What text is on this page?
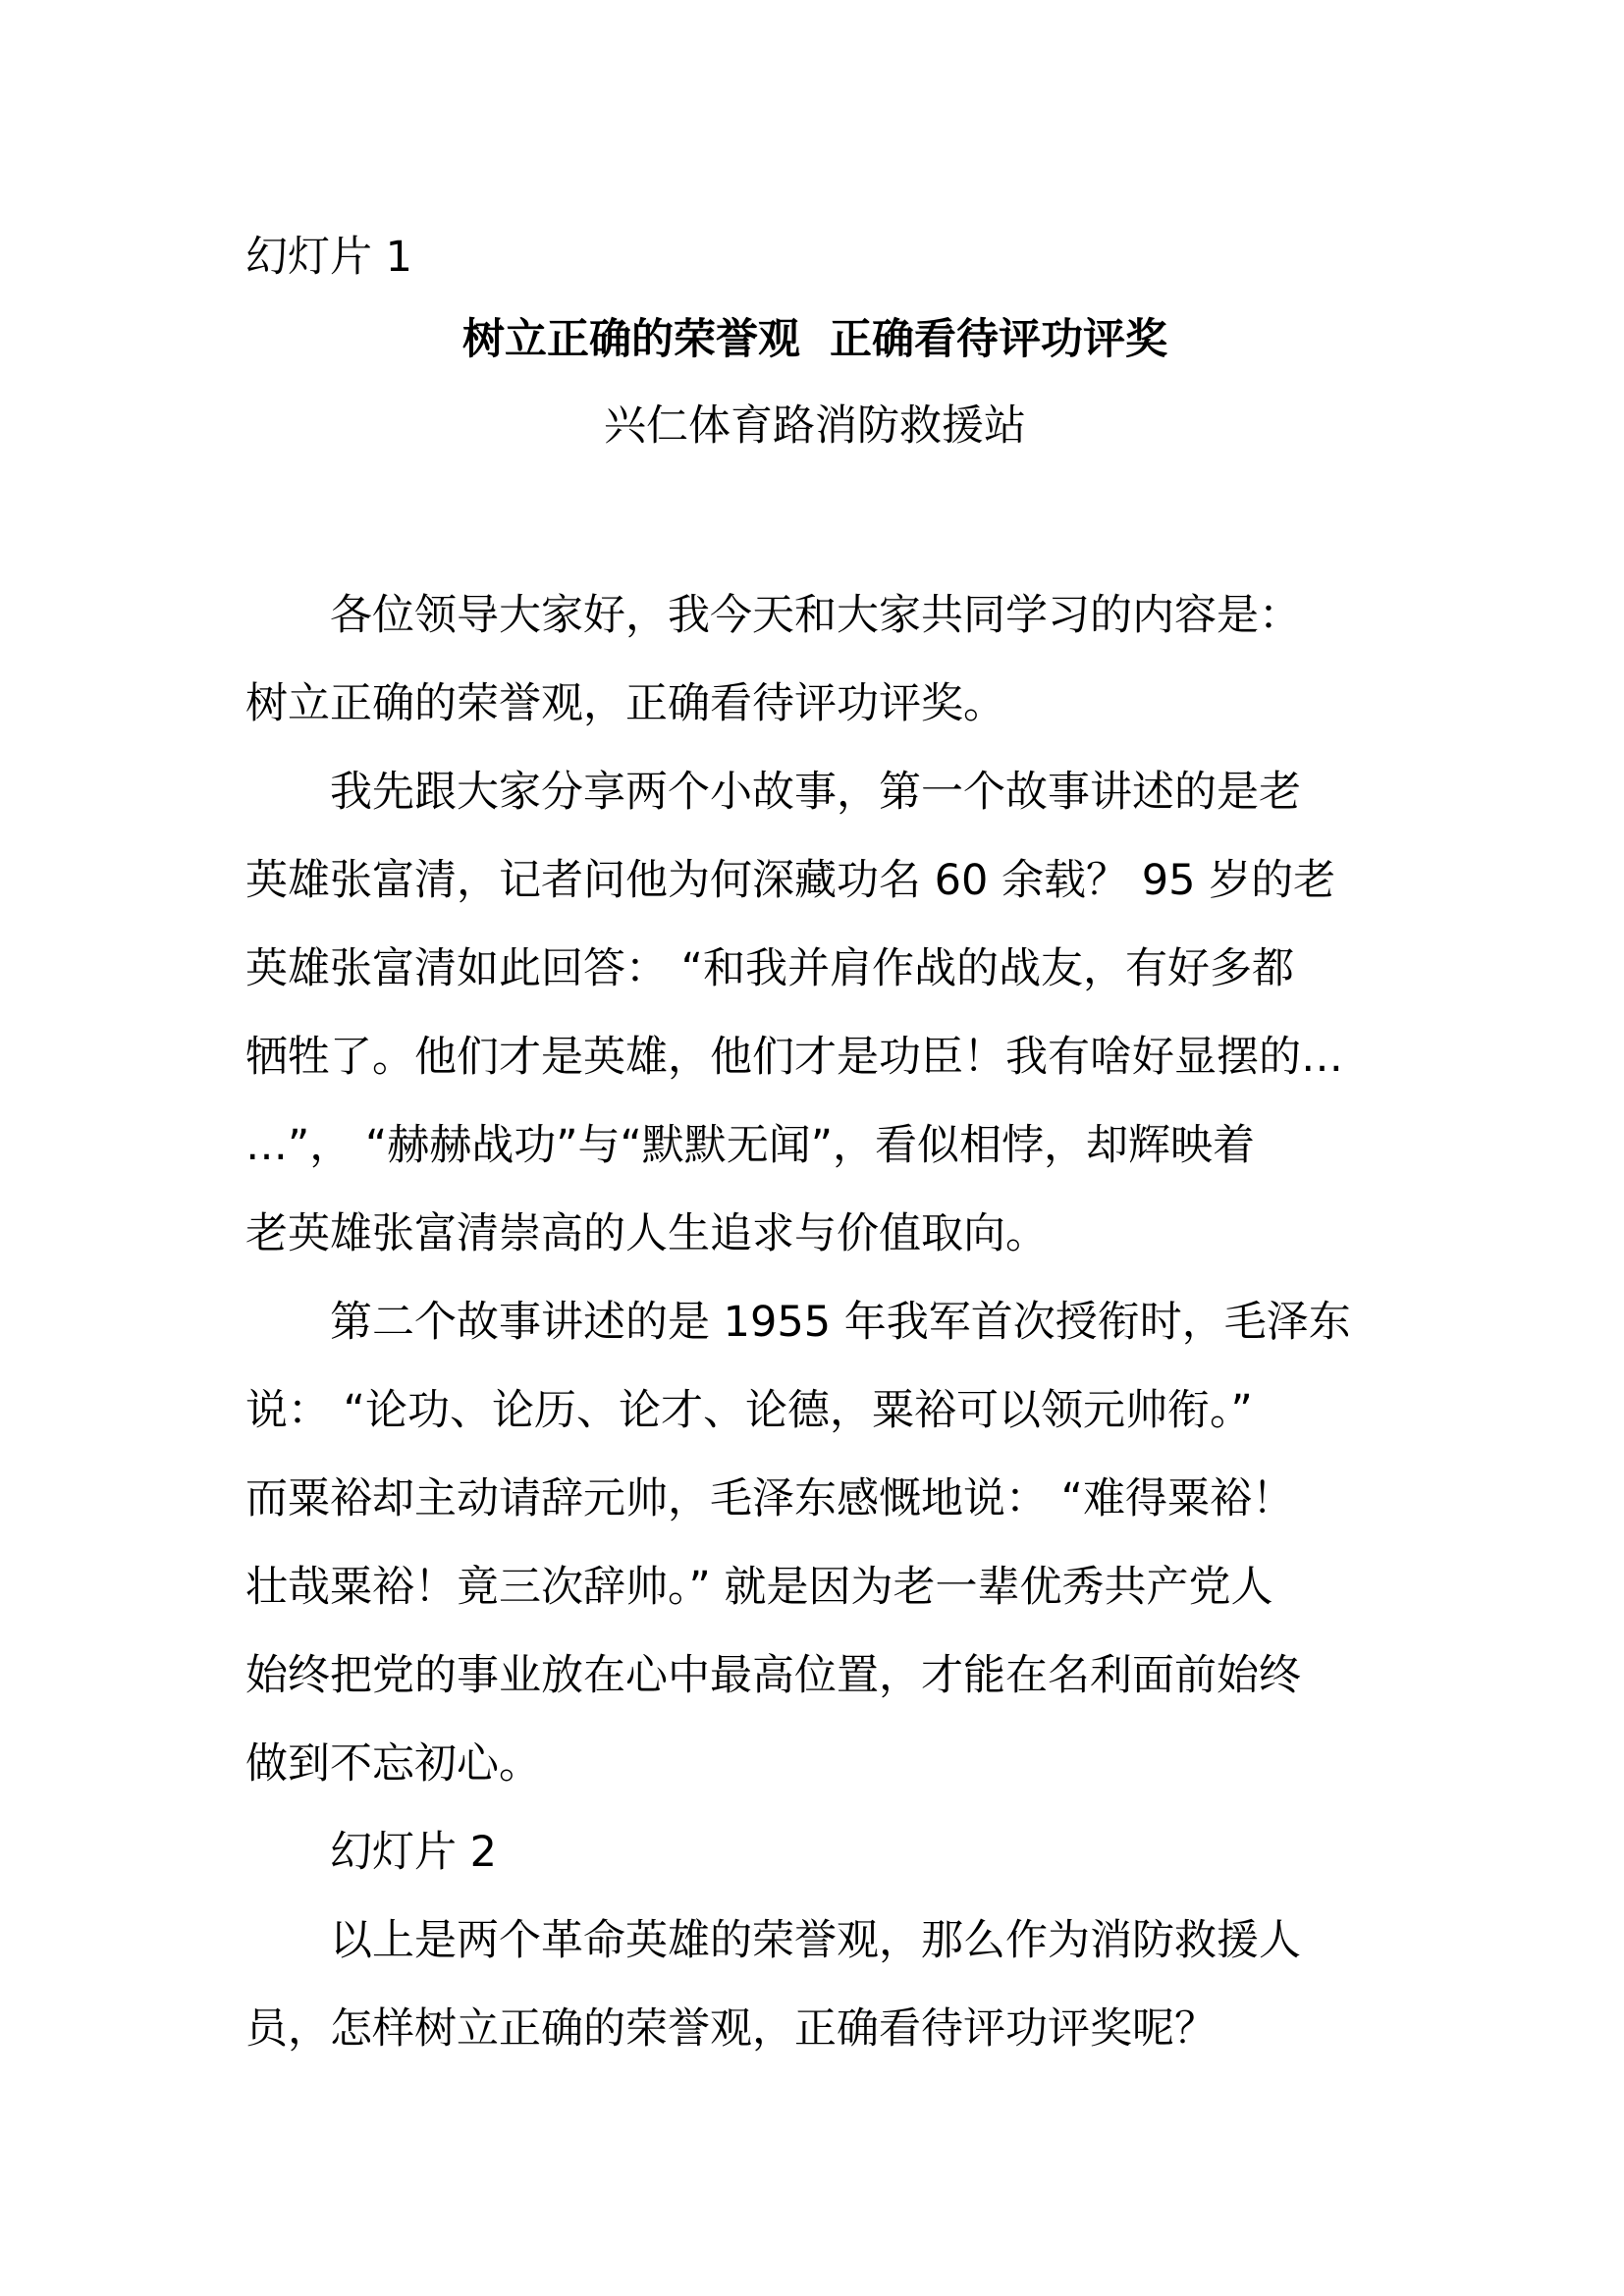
幻灯片 1

树立正确的荣誉观  正确看待评功评奖

兴仁体育路消防救援站

各位领导大家好，我今天和大家共同学习的内容是：
树立正确的荣誉观，正确看待评功评奖。

我先跟大家分享两个小故事，第一个故事讲述的是老
英雄张富清，记者问他为何深藏功名 60 余载？ 95 岁的老
英雄张富清如此回答： “和我并肩作战的战友，有好多都
牺牲了。他们才是英雄，他们才是功臣！我有啥好显摆的…
…”， “赫赫战功”与“默默无闻”，看似相悖，却辉映着
老英雄张富清崇高的人生追求与价值取向。

第二个故事讲述的是 1955 年我军首次授衔时，毛泽东
说： “论功、论历、论才、论德，粟裕可以领元帅衔。”
而粟裕却主动请辞元帅，毛泽东感慨地说： “难得粟裕！
壮哉粟裕！竟三次辞帅。” 就是因为老一辈优秀共产党人
始终把党的事业放在心中最高位置，才能在名利面前始终
做到不忘初心。

幻灯片 2

以上是两个革命英雄的荣誉观，那么作为消防救援人
员，怎样树立正确的荣誉观，正确看待评功评奖呢？
